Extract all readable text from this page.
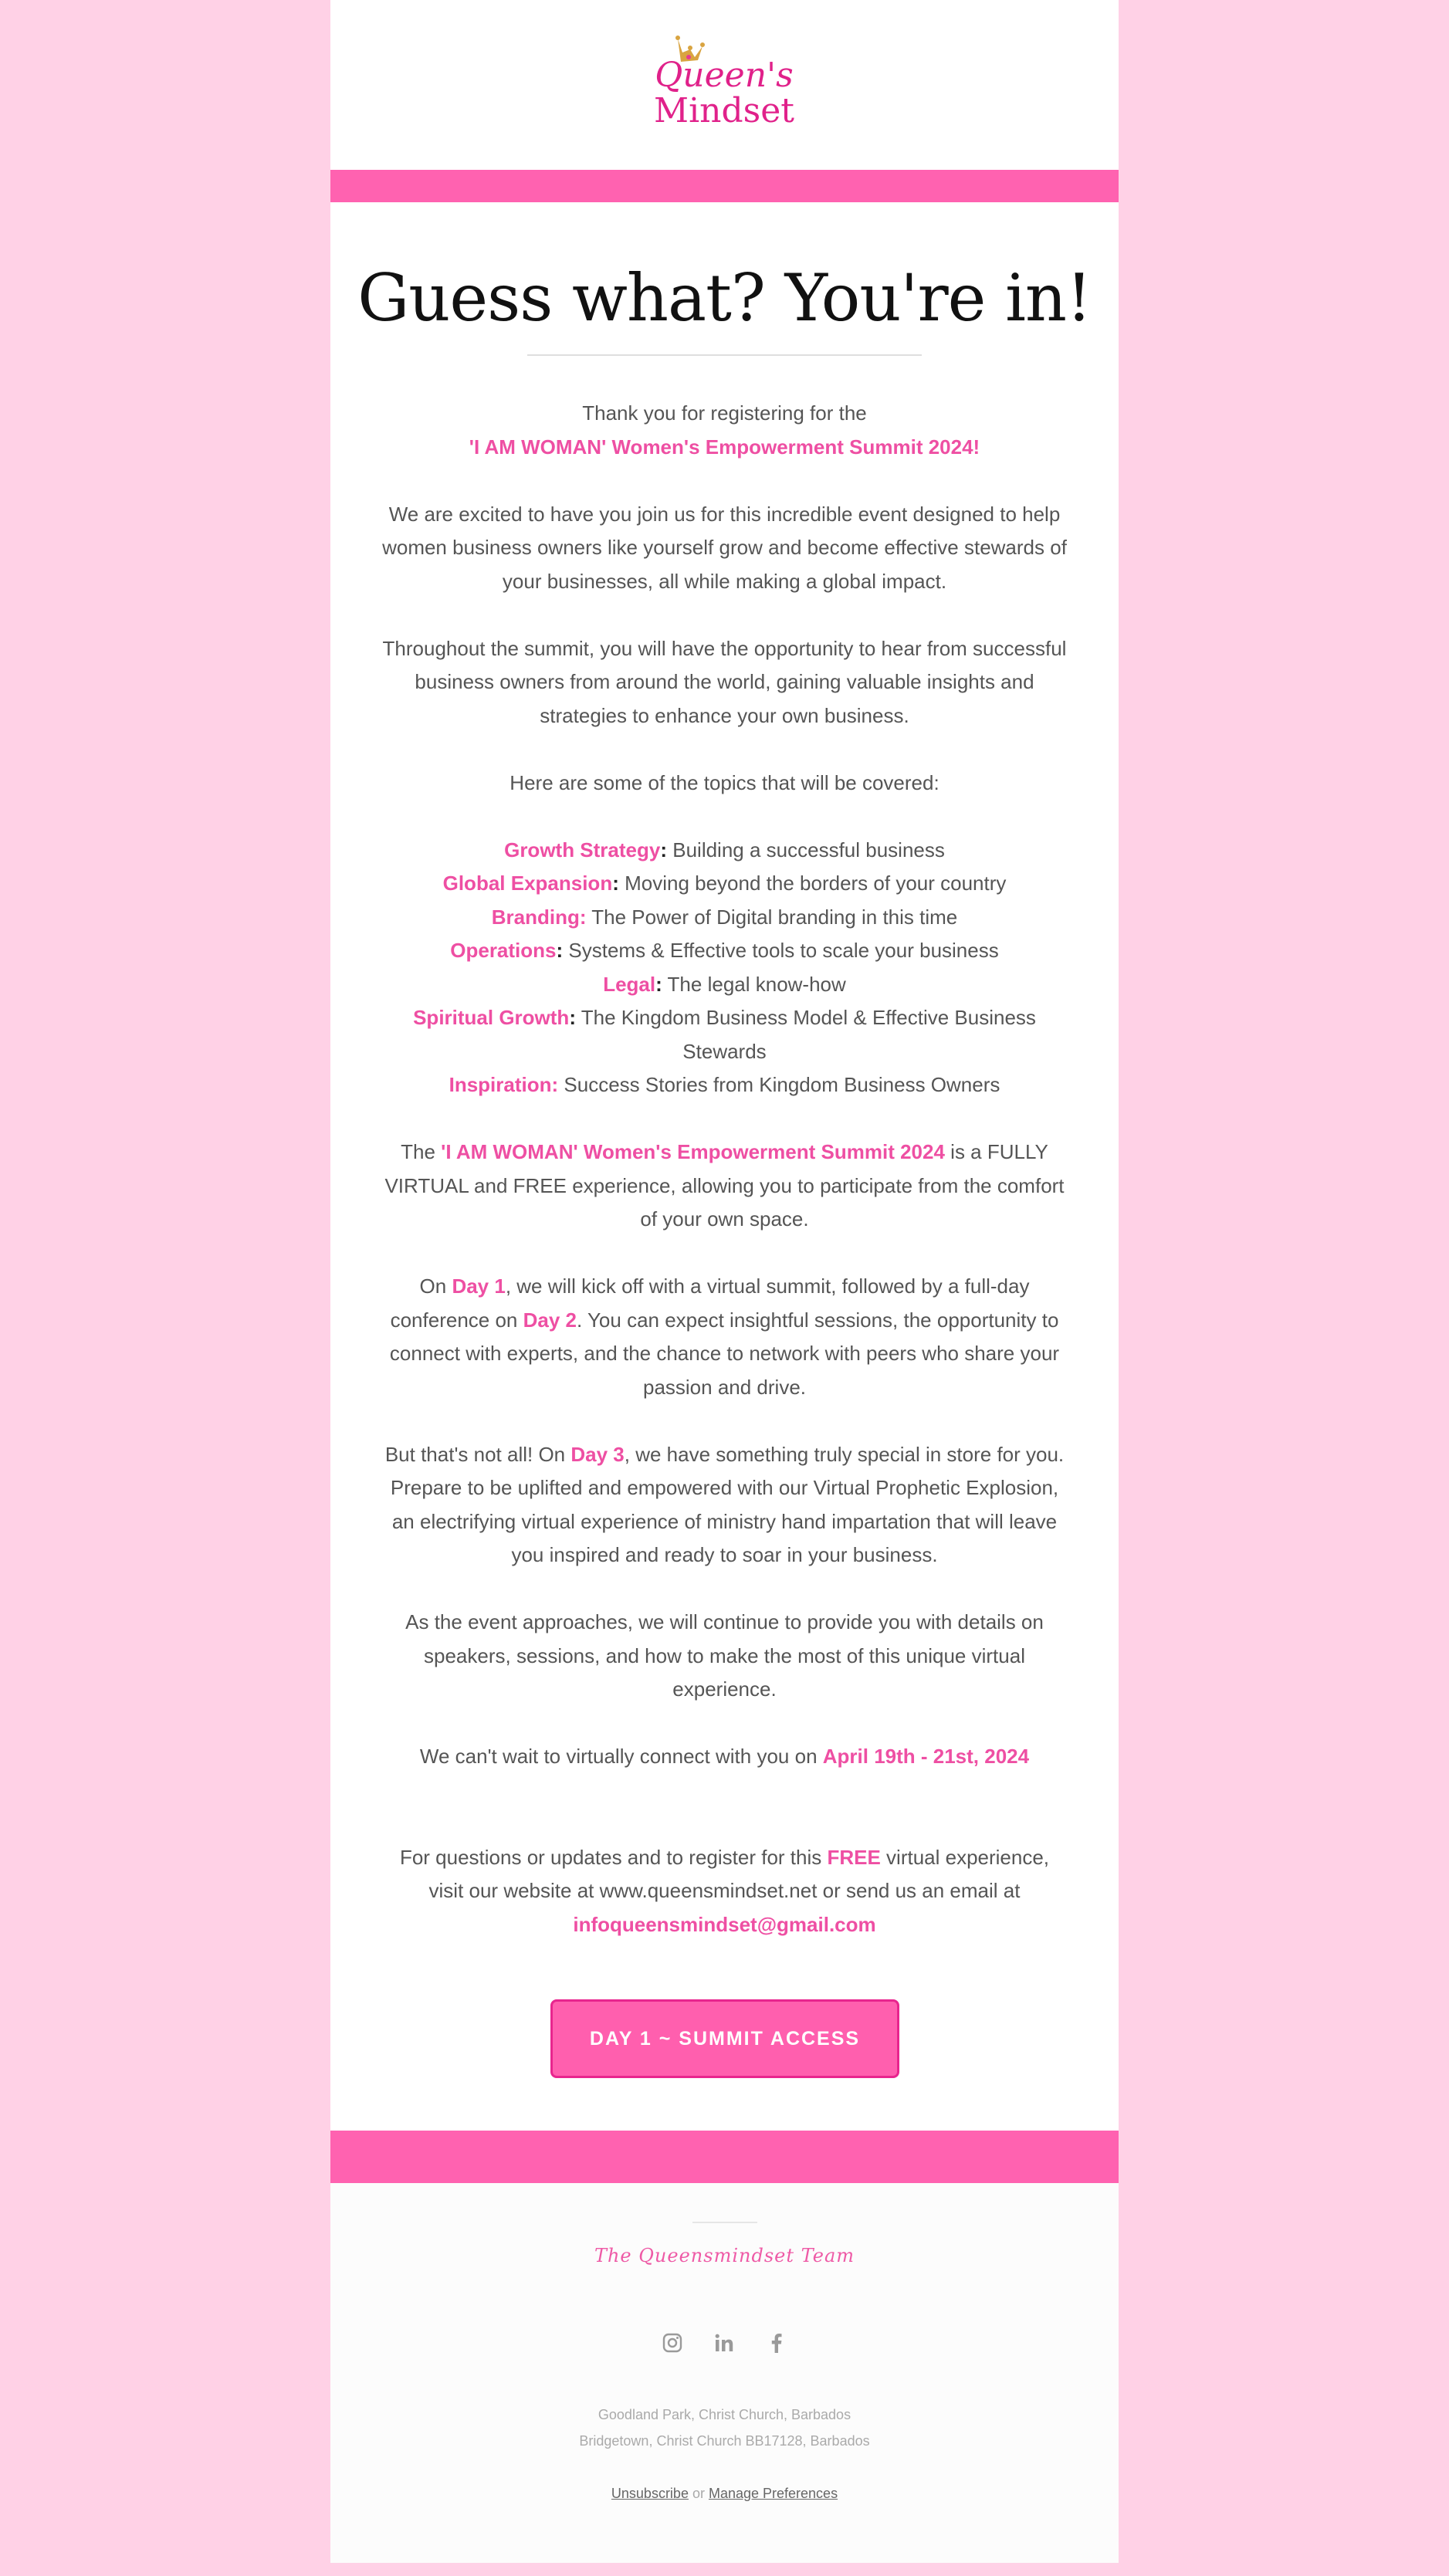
Queen's
Mindset
Guess what? You're in!

Thank you for registering for the

'I AM WOMAN' Women's Empowerment Summit 2024!

We are excited to have you join us for this incredible event designed to help women business owners like yourself grow and become effective stewards of your businesses, all while making a global impact.

Throughout the summit, you will have the opportunity to hear from successful business owners from around the world, gaining valuable insights and strategies to enhance your own business.

Here are some of the topics that will be covered:

Growth Strategy: Building a successful business

Global Expansion: Moving beyond the borders of your country

Branding: The Power of Digital branding in this time

Operations: Systems & Effective tools to scale your business

Legal: The legal know-how

Spiritual Growth: The Kingdom Business Model & Effective Business Stewards

Inspiration: Success Stories from Kingdom Business Owners

The 'I AM WOMAN' Women's Empowerment Summit 2024 is a FULLY VIRTUAL and FREE experience, allowing you to participate from the comfort of your own space.

On Day 1, we will kick off with a virtual summit, followed by a full-day conference on Day 2. You can expect insightful sessions, the opportunity to connect with experts, and the chance to network with peers who share your passion and drive.

But that's not all! On Day 3, we have something truly special in store for you. Prepare to be uplifted and empowered with our Virtual Prophetic Explosion, an electrifying virtual experience of ministry hand impartation that will leave you inspired and ready to soar in your business.

As the event approaches, we will continue to provide you with details on speakers, sessions, and how to make the most of this unique virtual experience.

We can't wait to virtually connect with you on April 19th - 21st, 2024

For questions or updates and to register for this FREE virtual experience, visit our website at www.queensmindset.net or send us an email at

infoqueensmindset@gmail.com

DAY 1 ~ SUMMIT ACCESS
The Queensmindset Team
Goodland Park, Christ Church, Barbados
Bridgetown, Christ Church BB17128, Barbados
Unsubscribe or Manage Preferences
